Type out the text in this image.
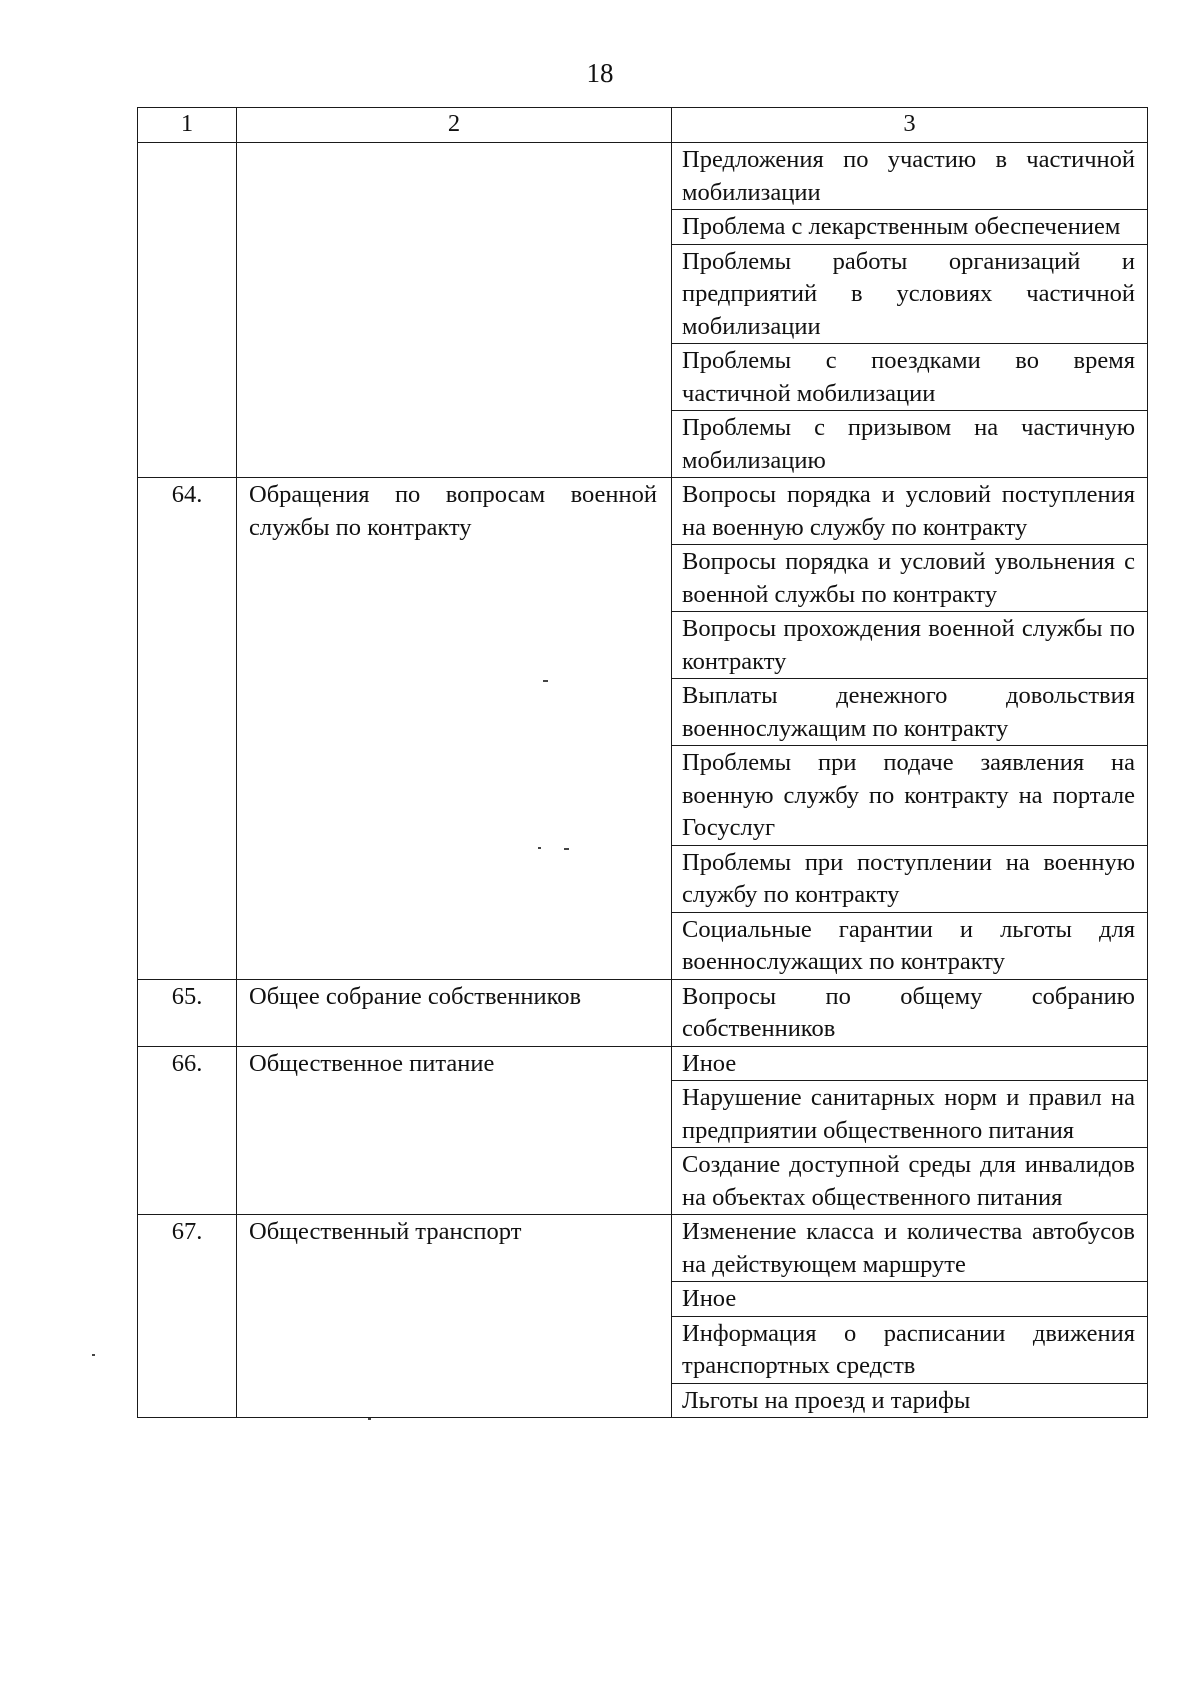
18
1	2	3
		Предложения по участию в частичной мобилизации
		Проблема с лекарственным обеспечением
		Проблемы работы организаций и предприятий в условиях частичной мобилизации
		Проблемы с поездками во время частичной мобилизации
		Проблемы с призывом на частичную мобилизацию
64.	Обращения по вопросам военной службы по контракту	Вопросы порядка и условий поступления на военную службу по контракту
		Вопросы порядка и условий увольнения с военной службы по контракту
		Вопросы прохождения военной службы по контракту
		Выплаты денежного довольствия военнослужащим по контракту
		Проблемы при подаче заявления на военную службу по контракту на портале Госуслуг
		Проблемы при поступлении на военную службу по контракту
		Социальные гарантии и льготы для военнослужащих по контракту
65.	Общее собрание собственников	Вопросы по общему собранию собственников
66.	Общественное питание	Иное
		Нарушение санитарных норм и правил на предприятии общественного питания
		Создание доступной среды для инвалидов на объектах общественного питания
67.	Общественный транспорт	Изменение класса и количества автобусов на действующем маршруте
		Иное
		Информация о расписании движения транспортных средств
		Льготы на проезд и тарифы
